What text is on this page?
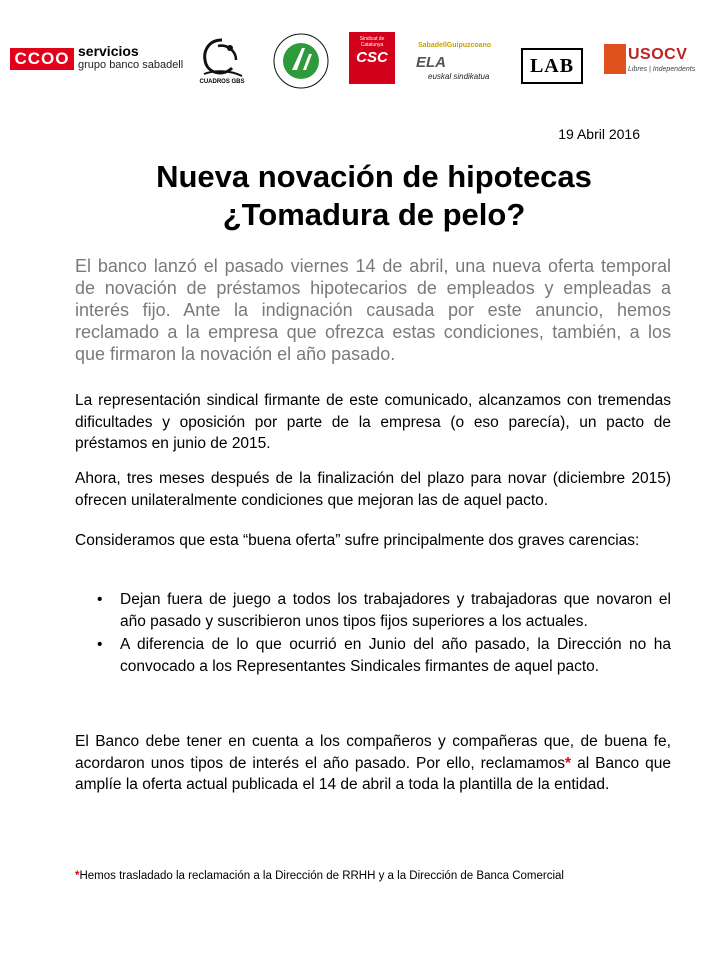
CCOO servicios
grupo banco sabadell
CUADROS GBS
CSC
Sindicat de Catalunya	SabadellGuipuzcoano
ELA
euskal sindikatua	LAB
USOCV
Libres | Independents
19 Abril 2016
Nueva novación de hipotecas
¿Tomadura de pelo?
El banco lanzó el pasado viernes 14 de abril, una nueva oferta temporal de novación de préstamos hipotecarios de empleados y empleadas a interés fijo. Ante la indignación causada por este anuncio, hemos reclamado a la empresa que ofrezca estas condiciones, también, a los que firmaron la novación el año pasado.
La representación sindical firmante de este comunicado, alcanzamos con tremendas dificultades y oposición por parte de la empresa (o eso parecía), un pacto de préstamos en junio de 2015.
Ahora, tres meses después de la finalización del plazo para novar (diciembre 2015) ofrecen unilateralmente condiciones que mejoran las de aquel pacto.
Consideramos que esta “buena oferta” sufre principalmente dos graves carencias:
• Dejan fuera de juego a todos los trabajadores y trabajadoras que novaron el año pasado y suscribieron unos tipos fijos superiores a los actuales.
• A diferencia de lo que ocurrió en Junio del año pasado, la Dirección no ha convocado a los Representantes Sindicales firmantes de aquel pacto.
El Banco debe tener en cuenta a los compañeros y compañeras que, de buena fe, acordaron unos tipos de interés el año pasado. Por ello, reclamamos* al Banco que amplíe la oferta actual publicada el 14 de abril a toda la plantilla de la entidad.
*Hemos trasladado la reclamación a la Dirección de RRHH y a la Dirección de Banca Comercial
